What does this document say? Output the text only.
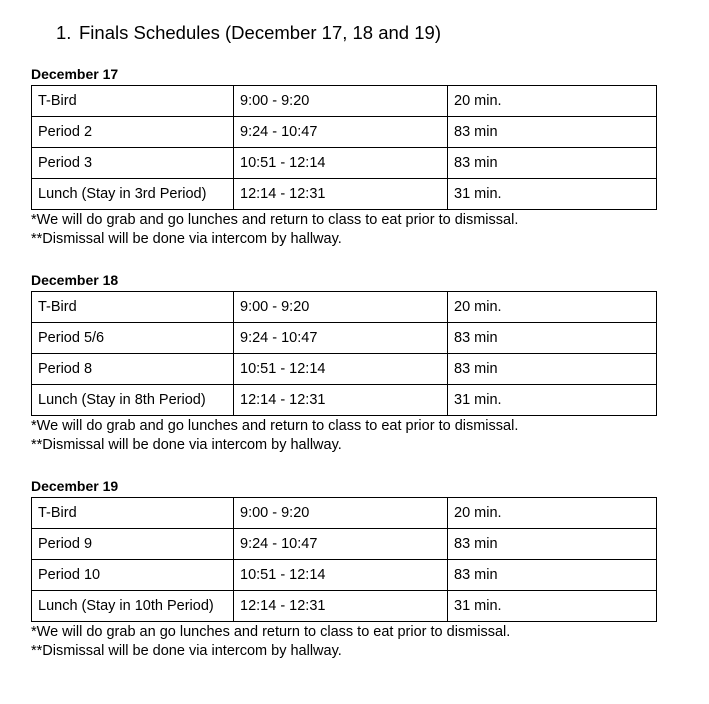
1. Finals Schedules (December 17, 18 and 19)
December 17
T-Bird	9:00 - 9:20	20 min.
Period 2	9:24 - 10:47	83 min
Period 3	10:51 - 12:14	83 min
Lunch (Stay in 3rd Period)	12:14 - 12:31	31 min.
*We will do grab and go lunches and return to class to eat prior to dismissal.
**Dismissal will be done via intercom by hallway.
December 18
T-Bird	9:00 - 9:20	20 min.
Period 5/6	9:24 - 10:47	83 min
Period 8	10:51 - 12:14	83 min
Lunch (Stay in 8th Period)	12:14 - 12:31	31 min.
*We will do grab and go lunches and return to class to eat prior to dismissal.
**Dismissal will be done via intercom by hallway.
December 19
T-Bird	9:00 - 9:20	20 min.
Period 9	9:24 - 10:47	83 min
Period 10	10:51 - 12:14	83 min
Lunch (Stay in 10th Period)	12:14 - 12:31	31 min.
*We will do grab an go lunches and return to class to eat prior to dismissal.
**Dismissal will be done via intercom by hallway.
